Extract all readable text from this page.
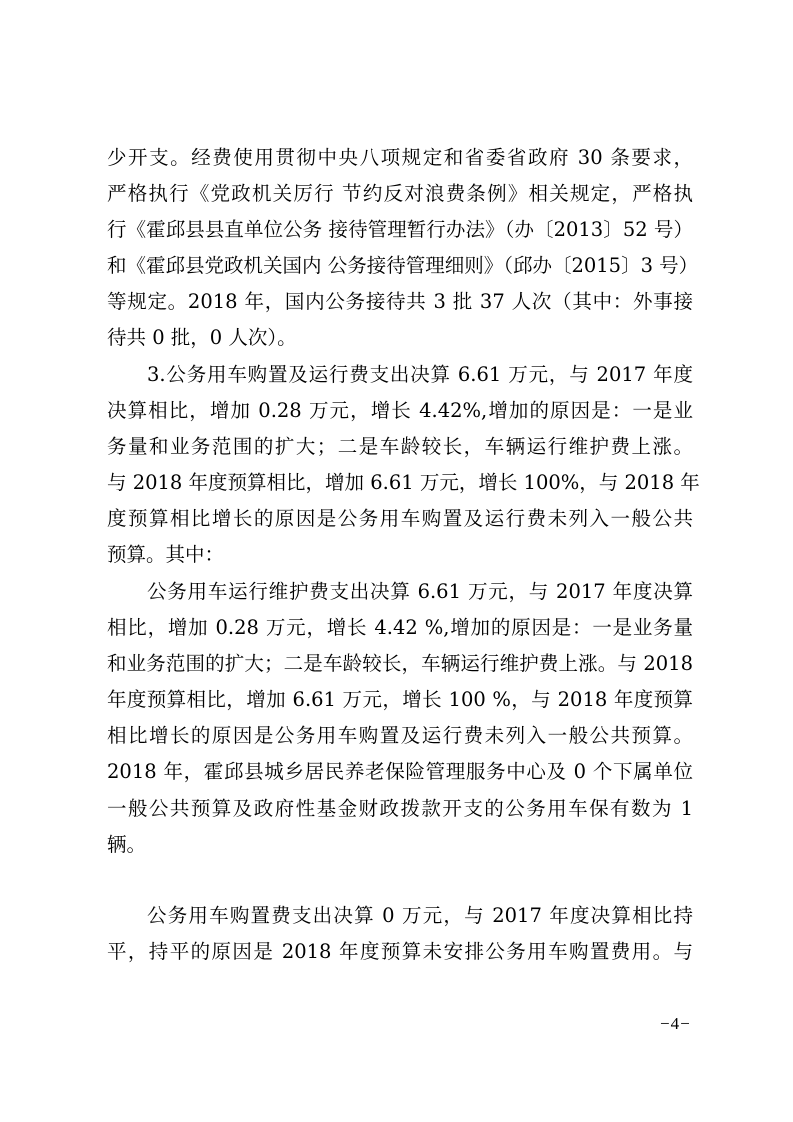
少开支。经费使用贯彻中央八项规定和省委省政府 30 条要求，
严格执行《党政机关厉行 节约反对浪费条例》相关规定，严格执
行《霍邱县县直单位公务 接待管理暂行办法》（办〔2013〕52 号）
和《霍邱县党政机关国内 公务接待管理细则》（邱办〔2015〕3 号）
等规定。2018 年，国内公务接待共 3 批 37 人次（其中：外事接
待共 0 批，0 人次）。
3.公务用车购置及运行费支出决算 6.61 万元，与 2017 年度
决算相比，增加 0.28 万元，增长 4.42%,增加的原因是：一是业
务量和业务范围的扩大；二是车龄较长，车辆运行维护费上涨。
与 2018 年度预算相比，增加 6.61 万元，增长 100%，与 2018 年
度预算相比增长的原因是公务用车购置及运行费未列入一般公共
预算。其中：
公务用车运行维护费支出决算 6.61 万元，与 2017 年度决算
相比，增加 0.28 万元，增长 4.42 %,增加的原因是：一是业务量
和业务范围的扩大；二是车龄较长，车辆运行维护费上涨。与 2018
年度预算相比，增加 6.61 万元，增长 100 %，与 2018 年度预算
相比增长的原因是公务用车购置及运行费未列入一般公共预算。
2018 年，霍邱县城乡居民养老保险管理服务中心及 0 个下属单位
一般公共预算及政府性基金财政拨款开支的公务用车保有数为 1
辆。
公务用车购置费支出决算 0 万元，与 2017 年度决算相比持
平，持平的原因是 2018 年度预算未安排公务用车购置费用。与
−4−
